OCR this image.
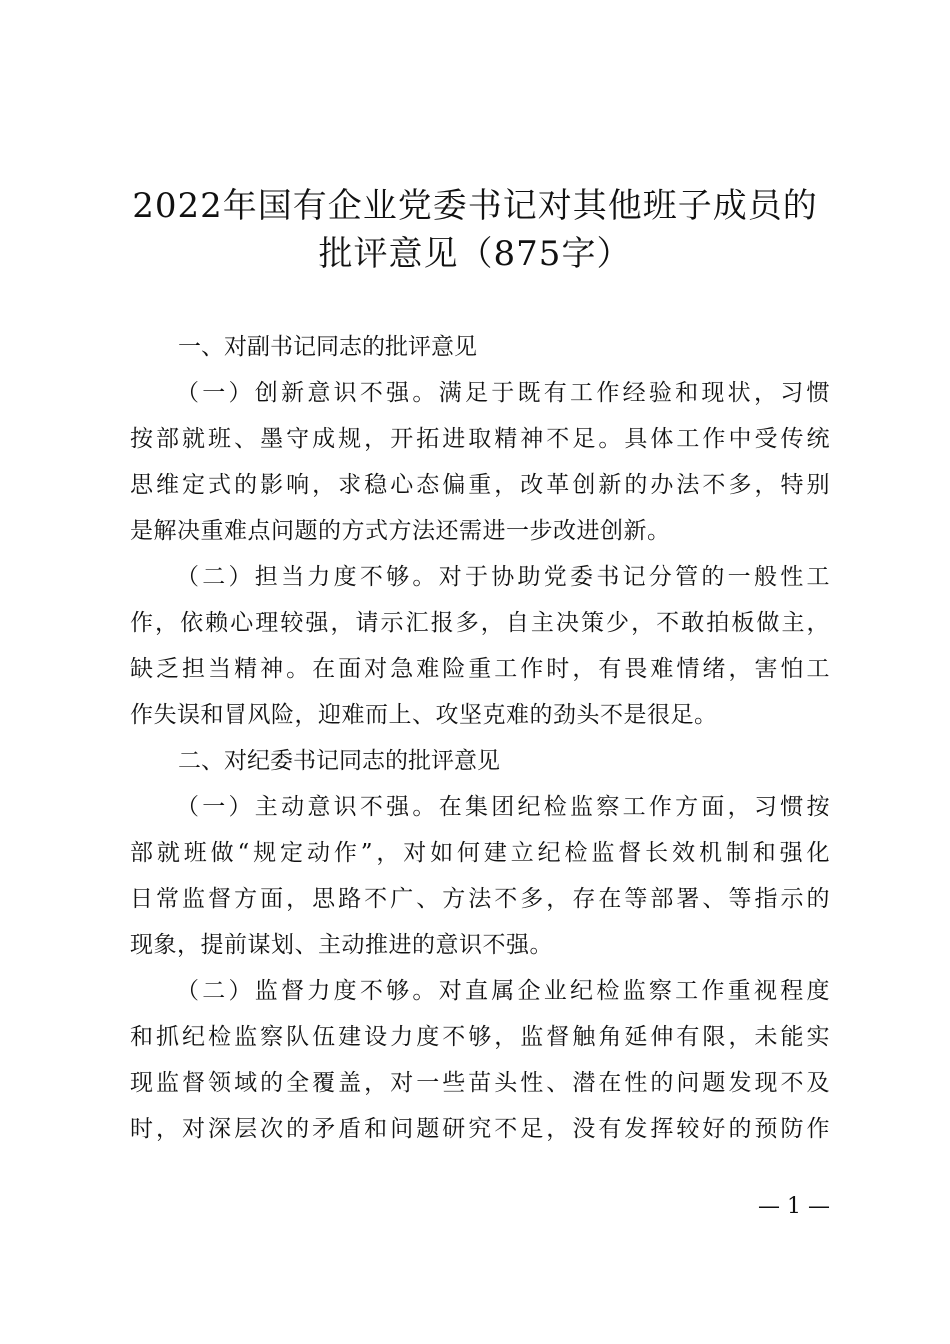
2022年国有企业党委书记对其他班子成员的
批评意见（875字）
一、对副书记同志的批评意见
（一）创新意识不强。满足于既有工作经验和现状，习惯
按部就班、墨守成规，开拓进取精神不足。具体工作中受传统
思维定式的影响，求稳心态偏重，改革创新的办法不多，特别
是解决重难点问题的方式方法还需进一步改进创新。
（二）担当力度不够。对于协助党委书记分管的一般性工
作，依赖心理较强，请示汇报多，自主决策少，不敢拍板做主，
缺乏担当精神。在面对急难险重工作时，有畏难情绪，害怕工
作失误和冒风险，迎难而上、攻坚克难的劲头不是很足。
二、对纪委书记同志的批评意见
（一）主动意识不强。在集团纪检监察工作方面，习惯按
部就班做“规定动作”，对如何建立纪检监督长效机制和强化
日常监督方面，思路不广、方法不多，存在等部署、等指示的
现象，提前谋划、主动推进的意识不强。
（二）监督力度不够。对直属企业纪检监察工作重视程度
和抓纪检监察队伍建设力度不够，监督触角延伸有限，未能实
现监督领域的全覆盖，对一些苗头性、潜在性的问题发现不及
时，对深层次的矛盾和问题研究不足，没有发挥较好的预防作
— 1 —
